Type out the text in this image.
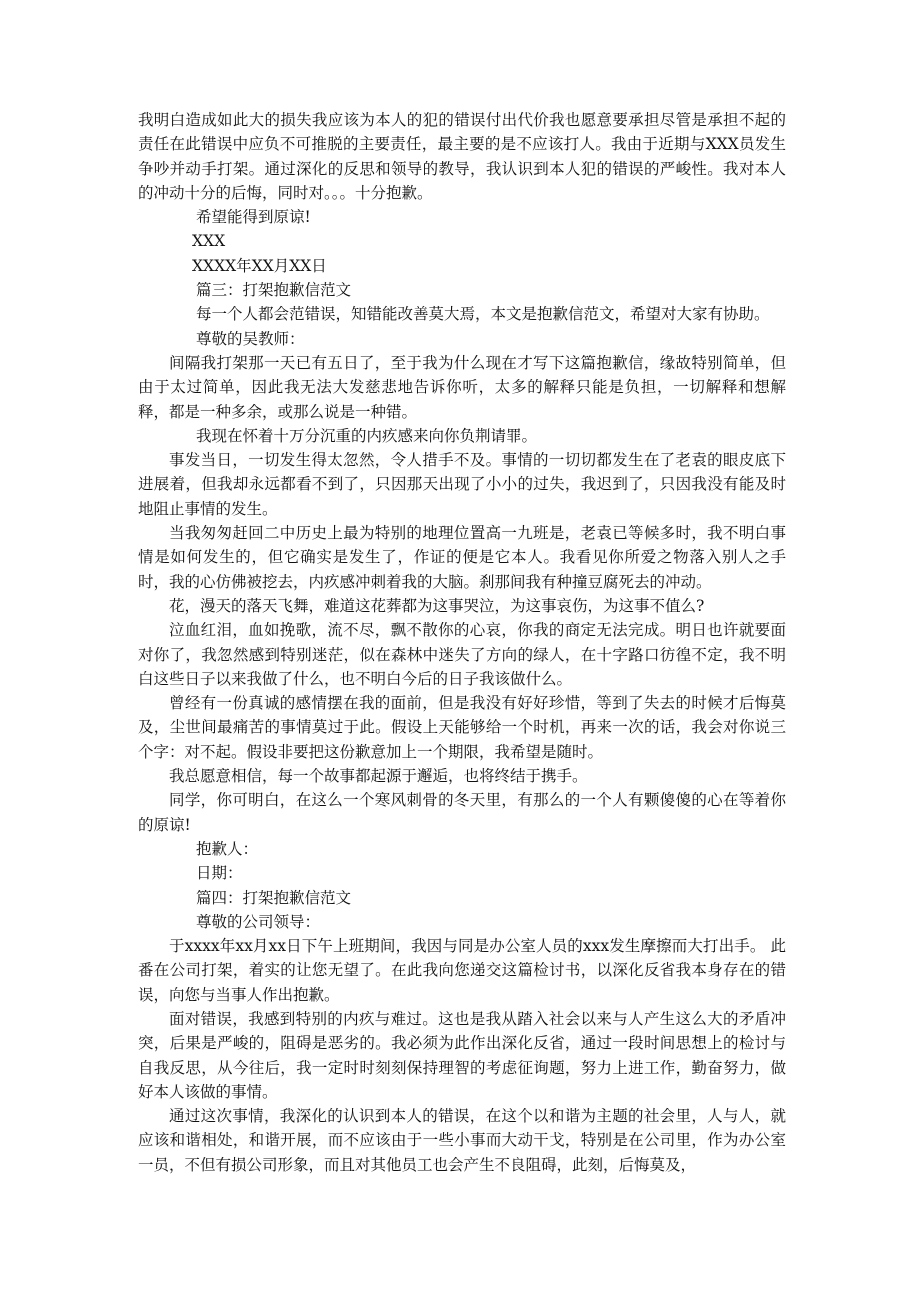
我明白造成如此大的损失我应该为本人的犯的错误付出代价我也愿意要承担尽管是承担不起的责任在此错误中应负不可推脱的主要责任，最主要的是不应该打人。我由于近期与XXX员发生争吵并动手打架。通过深化的反思和领导的教导，我认识到本人犯的错误的严峻性。我对本人的冲动十分的后悔，同时对。。。十分抱歉。

希望能得到原谅!

XXX

XXXX年XX月XX日

篇三：打架抱歉信范文

每一个人都会范错误，知错能改善莫大焉，本文是抱歉信范文，希望对大家有协助。

尊敬的吴教师：

间隔我打架那一天已有五日了，至于我为什么现在才写下这篇抱歉信，缘故特别简单，但由于太过简单，因此我无法大发慈悲地告诉你听，太多的解释只能是负担，一切解释和想解释，都是一种多余，或那么说是一种错。

我现在怀着十万分沉重的内疚感来向你负荆请罪。

事发当日，一切发生得太忽然，令人措手不及。事情的一切切都发生在了老袁的眼皮底下进展着，但我却永远都看不到了，只因那天出现了小小的过失，我迟到了，只因我没有能及时地阻止事情的发生。

当我匆匆赶回二中历史上最为特别的地理位置高一九班是，老袁已等候多时，我不明白事情是如何发生的，但它确实是发生了，作证的便是它本人。我看见你所爱之物落入别人之手时，我的心仿佛被挖去，内疚感冲刺着我的大脑。刹那间我有种撞豆腐死去的冲动。

花，漫天的落天飞舞，难道这花葬都为这事哭泣，为这事哀伤，为这事不值么?

泣血红泪，血如挽歌，流不尽，飘不散你的心哀，你我的商定无法完成。明日也许就要面对你了，我忽然感到特别迷茫，似在森林中迷失了方向的绿人，在十字路口彷徨不定，我不明白这些日子以来我做了什么，也不明白今后的日子我该做什么。

曾经有一份真诚的感情摆在我的面前，但是我没有好好珍惜，等到了失去的时候才后悔莫及，尘世间最痛苦的事情莫过于此。假设上天能够给一个时机，再来一次的话，我会对你说三个字：对不起。假设非要把这份歉意加上一个期限，我希望是随时。

我总愿意相信，每一个故事都起源于邂逅，也将终结于携手。

同学，你可明白，在这么一个寒风刺骨的冬天里，有那么的一个人有颗傻傻的心在等着你的原谅!

抱歉人：

日期：

篇四：打架抱歉信范文

尊敬的公司领导：

于xxxx年xx月xx日下午上班期间，我因与同是办公室人员的xxx发生摩擦而大打出手。 此番在公司打架，着实的让您无望了。在此我向您递交这篇检讨书，以深化反省我本身存在的错误，向您与当事人作出抱歉。

面对错误，我感到特别的内疚与难过。这也是我从踏入社会以来与人产生这么大的矛盾冲突，后果是严峻的，阻碍是恶劣的。我必须为此作出深化反省，通过一段时间思想上的检讨与自我反思，从今往后，我一定时时刻刻保持理智的考虑征询题，努力上进工作，勤奋努力，做好本人该做的事情。

通过这次事情，我深化的认识到本人的错误，在这个以和谐为主题的社会里，人与人，就应该和谐相处，和谐开展，而不应该由于一些小事而大动干戈，特别是在公司里，作为办公室一员，不但有损公司形象，而且对其他员工也会产生不良阻碍，此刻，后悔莫及，
